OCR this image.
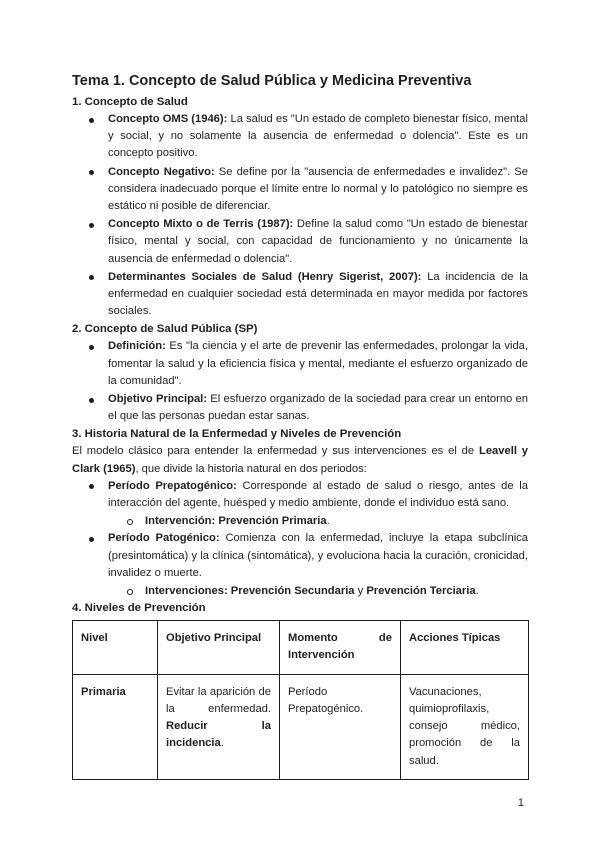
Tema 1. Concepto de Salud Pública y Medicina Preventiva
1. Concepto de Salud
Concepto OMS (1946): La salud es "Un estado de completo bienestar físico, mental y social, y no solamente la ausencia de enfermedad o dolencia". Este es un concepto positivo.
Concepto Negativo: Se define por la "ausencia de enfermedades e invalidez". Se considera inadecuado porque el límite entre lo normal y lo patológico no siempre es estático ni posible de diferenciar.
Concepto Mixto o de Terris (1987): Define la salud como "Un estado de bienestar físico, mental y social, con capacidad de funcionamiento y no únicamente la ausencia de enfermedad o dolencia".
Determinantes Sociales de Salud (Henry Sigerist, 2007): La incidencia de la enfermedad en cualquier sociedad está determinada en mayor medida por factores sociales.
2. Concepto de Salud Pública (SP)
Definición: Es "la ciencia y el arte de prevenir las enfermedades, prolongar la vida, fomentar la salud y la eficiencia física y mental, mediante el esfuerzo organizado de la comunidad".
Objetivo Principal: El esfuerzo organizado de la sociedad para crear un entorno en el que las personas puedan estar sanas.
3. Historia Natural de la Enfermedad y Niveles de Prevención

El modelo clásico para entender la enfermedad y sus intervenciones es el de Leavell y Clark (1965), que divide la historia natural en dos periodos:

Período Prepatogénico: Corresponde al estado de salud o riesgo, antes de la interacción del agente, huésped y medio ambiente, donde el individuo está sano.
Intervención: Prevención Primaria.
Período Patogénico: Comienza con la enfermedad, incluye la etapa subclínica (presintomática) y la clínica (sintomática), y evoluciona hacia la curación, cronicidad, invalidez o muerte.
Intervenciones: Prevención Secundaria y Prevención Terciaria.
4. Niveles de Prevención
Nivel	Objetivo Principal	Momento de Intervención	Acciones Típicas
Primaria	Evitar la aparición de la enfermedad. Reducir la incidencia.	Período Prepatogénico.	Vacunaciones, quimioprofilaxis, consejo médico, promoción de la salud.
1
